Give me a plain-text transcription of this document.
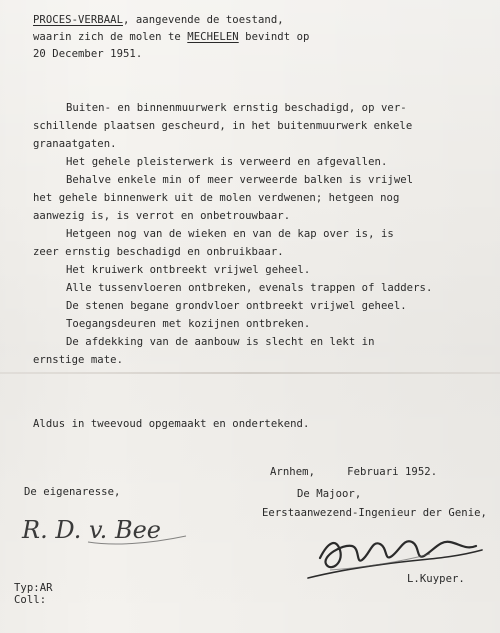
PROCES-VERBAAL, aangevende de toestand,
waarin zich de molen te MECHELEN bevindt op
20 December 1951.
Buiten- en binnenmuurwerk ernstig beschadigd, op ver-
schillende plaatsen gescheurd, in het buitenmuurwerk enkele
granaatgaten.
Het gehele pleisterwerk is verweerd en afgevallen.
Behalve enkele min of meer verweerde balken is vrijwel
het gehele binnenwerk uit de molen verdwenen; hetgeen nog
aanwezig is, is verrot en onbetrouwbaar.
Hetgeen nog van de wieken en van de kap over is, is
zeer ernstig beschadigd en onbruikbaar.
Het kruiwerk ontbreekt vrijwel geheel.
Alle tussenvloeren ontbreken, evenals trappen of ladders.
De stenen begane grondvloer ontbreekt vrijwel geheel.
Toegangsdeuren met kozijnen ontbreken.
De afdekking van de aanbouw is slecht en lekt in
ernstige mate.
Aldus in tweevoud opgemaakt en ondertekend.
Arnhem,     Februari 1952.
De eigenaresse,	De Majoor,
Eerstaanwezend-Ingenieur der Genie,
R. D. v. Bee
L.Kuyper.
Typ:AR
Coll:
